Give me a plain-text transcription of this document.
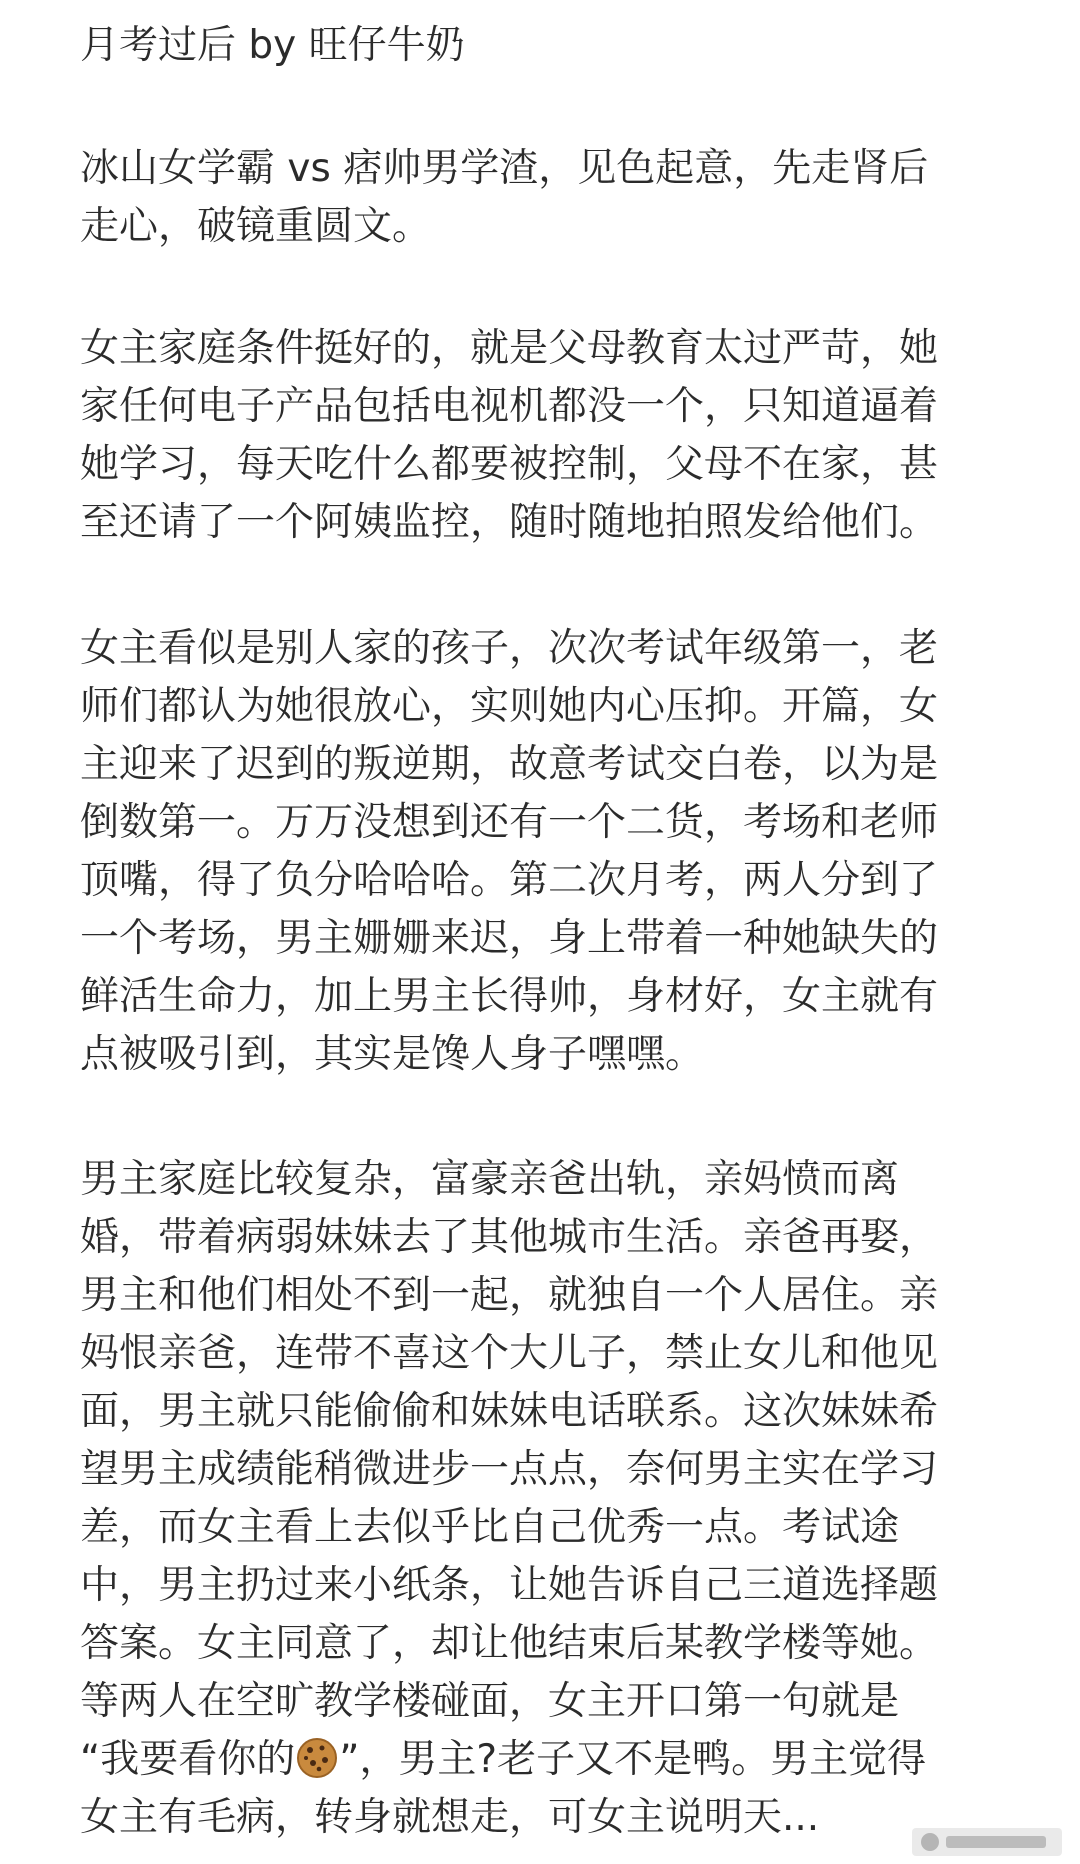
月考过后 by 旺仔牛奶

冰山女学霸 vs 痞帅男学渣，见色起意，先走肾后
走心，破镜重圆文。

女主家庭条件挺好的，就是父母教育太过严苛，她
家任何电子产品包括电视机都没一个，只知道逼着
她学习，每天吃什么都要被控制，父母不在家，甚
至还请了一个阿姨监控，随时随地拍照发给他们。

女主看似是别人家的孩子，次次考试年级第一，老
师们都认为她很放心，实则她内心压抑。开篇，女
主迎来了迟到的叛逆期，故意考试交白卷，以为是
倒数第一。万万没想到还有一个二货，考场和老师
顶嘴，得了负分哈哈哈。第二次月考，两人分到了
一个考场，男主姗姗来迟，身上带着一种她缺失的
鲜活生命力，加上男主长得帅，身材好，女主就有
点被吸引到，其实是馋人身子嘿嘿。

男主家庭比较复杂，富豪亲爸出轨，亲妈愤而离
婚，带着病弱妹妹去了其他城市生活。亲爸再娶，
男主和他们相处不到一起，就独自一个人居住。亲
妈恨亲爸，连带不喜这个大儿子，禁止女儿和他见
面，男主就只能偷偷和妹妹电话联系。这次妹妹希
望男主成绩能稍微进步一点点，奈何男主实在学习
差，而女主看上去似乎比自己优秀一点。考试途
中，男主扔过来小纸条，让她告诉自己三道选择题
答案。女主同意了，却让他结束后某教学楼等她。
等两人在空旷教学楼碰面，女主开口第一句就是
“我要看你的 ”，男主?老子又不是鸭。男主觉得
女主有毛病，转身就想走，可女主说明天...
